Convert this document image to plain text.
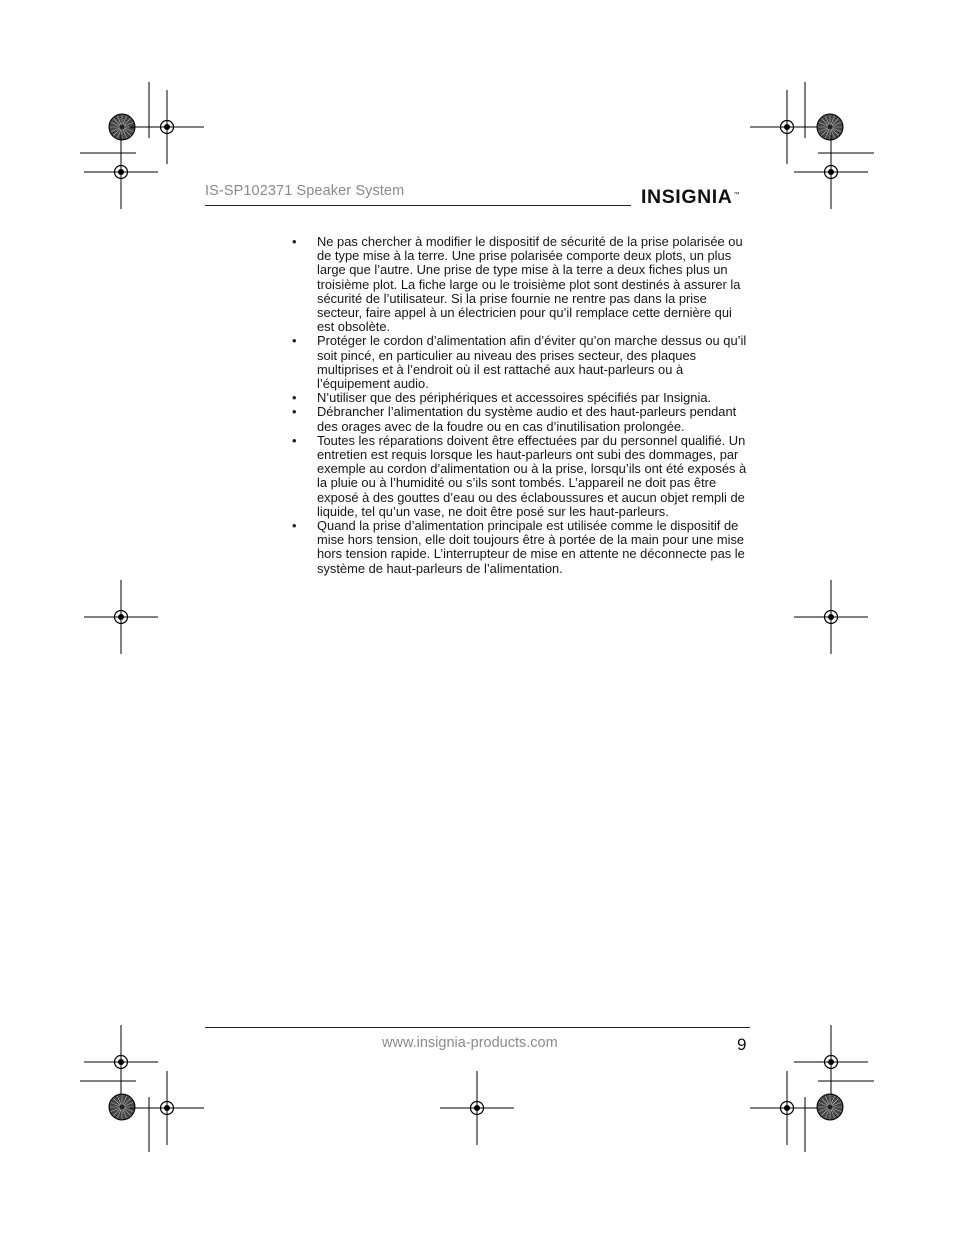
IS-SP102371 Speaker System	INSIGNIA™
• Ne pas chercher à modifier le dispositif de sécurité de la prise polarisée ou de type mise à la terre. Une prise polarisée comporte deux plots, un plus large que l’autre. Une prise de type mise à la terre a deux fiches plus un troisième plot. La fiche large ou le troisième plot sont destinés à assurer la sécurité de l’utilisateur. Si la prise fournie ne rentre pas dans la prise secteur, faire appel à un électricien pour qu’il remplace cette dernière qui est obsolète.
• Protéger le cordon d’alimentation afin d’éviter qu’on marche dessus ou qu’il soit pincé, en particulier au niveau des prises secteur, des plaques multiprises et à l’endroit où il est rattaché aux haut-parleurs ou à l’équipement audio.
• N’utiliser que des périphériques et accessoires spécifiés par Insignia.
• Débrancher l’alimentation du système audio et des haut-parleurs pendant des orages avec de la foudre ou en cas d’inutilisation prolongée.
• Toutes les réparations doivent être effectuées par du personnel qualifié. Un entretien est requis lorsque les haut-parleurs ont subi des dommages, par exemple au cordon d’alimentation ou à la prise, lorsqu’ils ont été exposés à la pluie ou à l’humidité ou s’ils sont tombés. L’appareil ne doit pas être exposé à des gouttes d’eau ou des éclaboussures et aucun objet rempli de liquide, tel qu’un vase, ne doit être posé sur les haut-parleurs.
• Quand la prise d’alimentation principale est utilisée comme le dispositif de mise hors tension, elle doit toujours être à portée de la main pour une mise hors tension rapide. L’interrupteur de mise en attente ne déconnecte pas le système de haut-parleurs de l’alimentation.
www.insignia-products.com	9
